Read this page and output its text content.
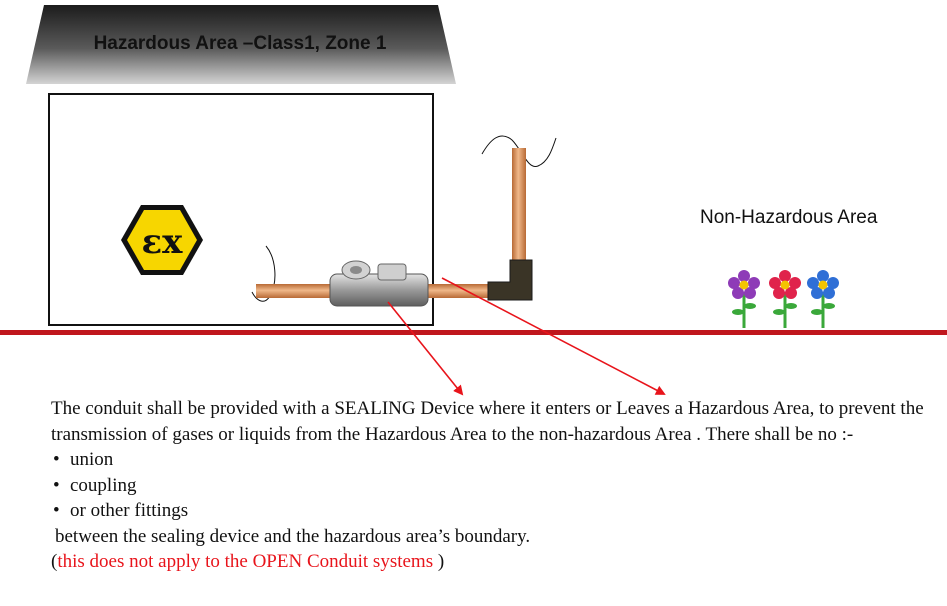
Hazardous Area –Class1, Zone 1
εx
Non-Hazardous Area

The conduit shall be provided with a SEALING Device where it enters or Leaves a Hazardous Area, to prevent the transmission of gases or liquids from the Hazardous Area to the non-hazardous Area . There shall be no :-

• union
• coupling
• or other fittings

between the sealing device and the hazardous area’s boundary.

(this does not apply to the OPEN Conduit systems )
